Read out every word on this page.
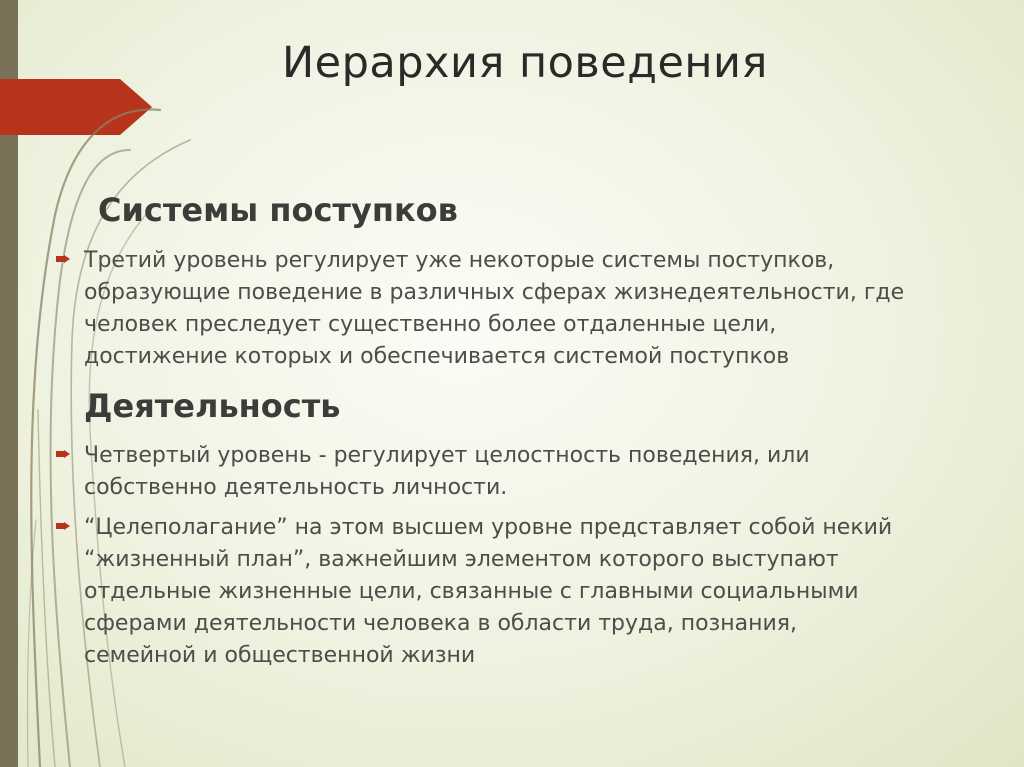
Иерархия поведения
Системы поступков
Третий уровень регулирует уже некоторые системы поступков,
образующие поведение в различных сферах жизнедеятельности, где
человек преследует существенно более отдаленные цели,
достижение которых и обеспечивается системой поступков
Деятельность
Четвертый уровень - регулирует целостность поведения, или
собственно деятельность личности.
“Целеполагание” на этом высшем уровне представляет собой некий
“жизненный план”, важнейшим элементом которого выступают
отдельные жизненные цели, связанные с главными социальными
сферами деятельности человека в области труда, познания,
семейной и общественной жизни
